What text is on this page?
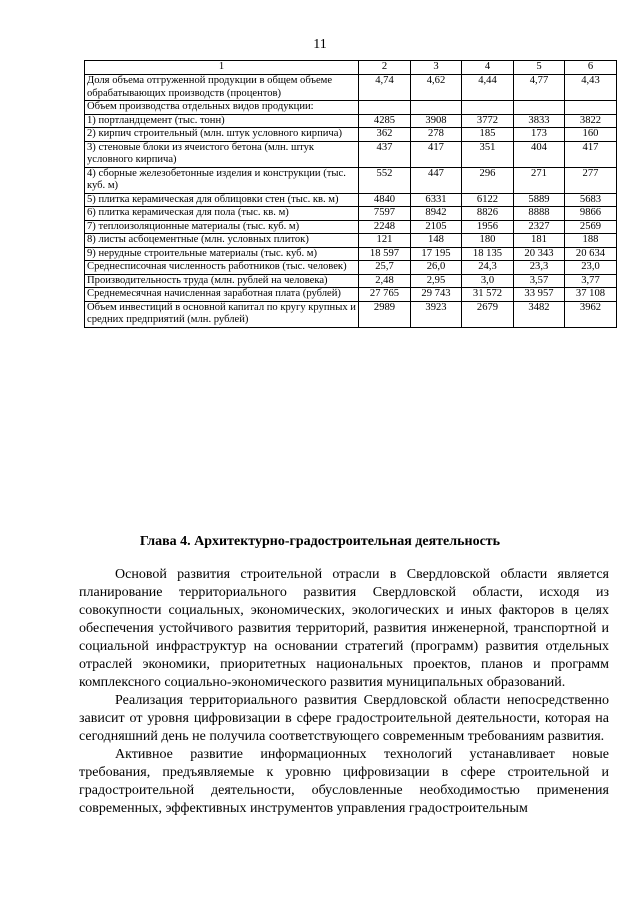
11
1	2	3	4	5	6
Доля объема отгруженной продукции в общем объеме обрабатывающих производств (процентов)	4,74	4,62	4,44	4,77	4,43
Объем производства отдельных видов продукции:					
1) портландцемент (тыс. тонн)	4285	3908	3772	3833	3822
2) кирпич строительный (млн. штук условного кирпича)	362	278	185	173	160
3) стеновые блоки из ячеистого бетона (млн. штук условного кирпича)	437	417	351	404	417
4) сборные железобетонные изделия и конструкции (тыс. куб. м)	552	447	296	271	277
5) плитка керамическая для облицовки стен (тыс. кв. м)	4840	6331	6122	5889	5683
6) плитка керамическая для пола (тыс. кв. м)	7597	8942	8826	8888	9866
7) теплоизоляционные материалы (тыс. куб. м)	2248	2105	1956	2327	2569
8) листы асбоцементные (млн. условных плиток)	121	148	180	181	188
9) нерудные строительные материалы (тыс. куб. м)	18 597	17 195	18 135	20 343	20 634
Среднесписочная численность работников (тыс. человек)	25,7	26,0	24,3	23,3	23,0
Производительность труда (млн. рублей на человека)	2,48	2,95	3,0	3,57	3,77
Среднемесячная начисленная заработная плата (рублей)	27 765	29 743	31 572	33 957	37 108
Объем инвестиций в основной капитал по кругу крупных и средних предприятий (млн. рублей)	2989	3923	2679	3482	3962
Глава 4. Архитектурно-градостроительная деятельность

Основой развития строительной отрасли в Свердловской области является планирование территориального развития Свердловской области, исходя из совокупности социальных, экономических, экологических и иных факторов в целях обеспечения устойчивого развития территорий, развития инженерной, транспортной и социальной инфраструктур на основании стратегий (программ) развития отдельных отраслей экономики, приоритетных национальных проектов, планов и программ комплексного социально-экономического развития муниципальных образований.

Реализация территориального развития Свердловской области непосредственно зависит от уровня цифровизации в сфере градостроительной деятельности, которая на сегодняшний день не получила соответствующего современным требованиям развития.

Активное развитие информационных технологий устанавливает новые требования, предъявляемые к уровню цифровизации в сфере строительной и градостроительной деятельности, обусловленные необходимостью применения современных, эффективных инструментов управления градостроительным
